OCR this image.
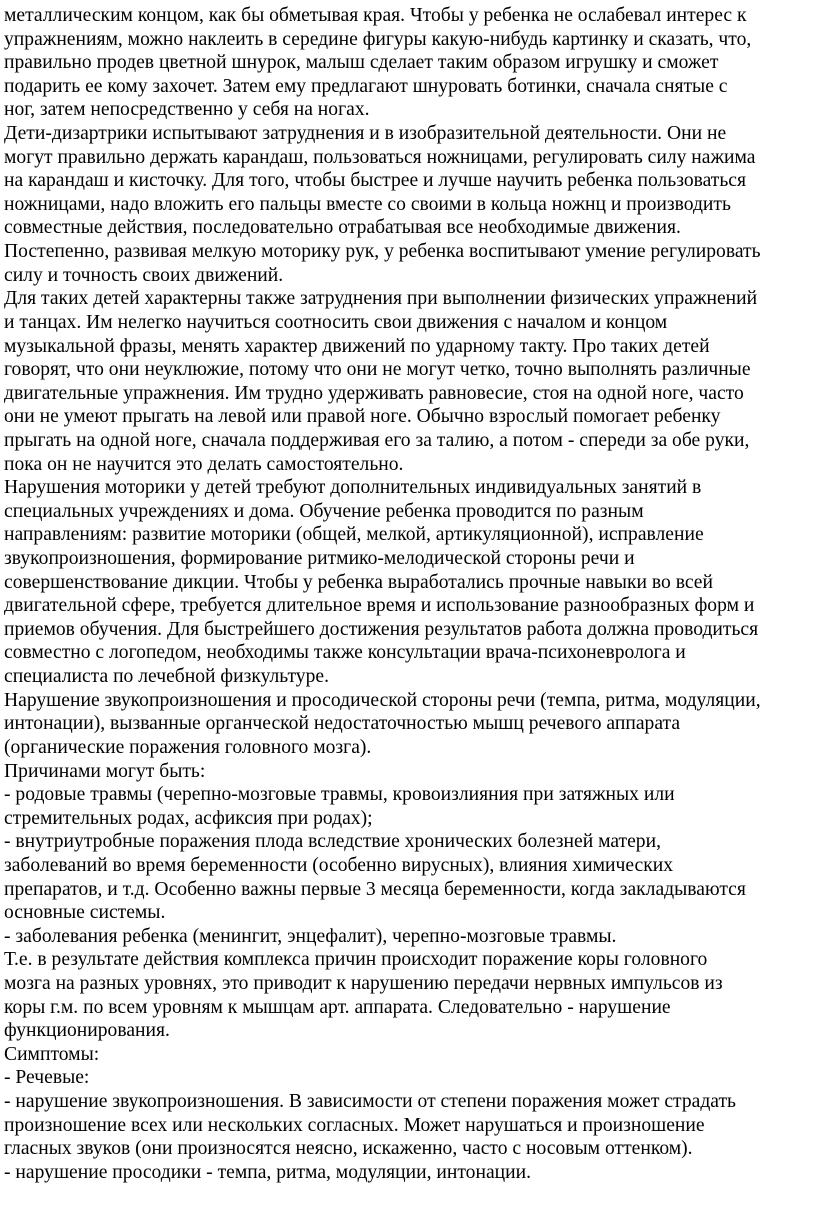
металлическим концом, как бы обметывая края. Чтобы у ребенка не ослабевал интерес к
упражнениям, можно наклеить в середине фигуры какую-нибудь картинку и сказать, что,
правильно продев цветной шнурок, малыш сделает таким образом игрушку и сможет
подарить ее кому захочет. Затем ему предлагают шнуровать ботинки, сначала снятые с
ног, затем непосредственно у себя на ногах.
Дети-дизартрики испытывают затруднения и в изобразительной деятельности. Они не
могут правильно держать карандаш, пользоваться ножницами, регулировать силу нажима
на карандаш и кисточку. Для того, чтобы быстрее и лучше научить ребенка пользоваться
ножницами, надо вложить его пальцы вместе со своими в кольца ножнц и производить
совместные действия, последовательно отрабатывая все необходимые движения.
Постепенно, развивая мелкую моторику рук, у ребенка воспитывают умение регулировать
силу и точность своих движений.
Для таких детей характерны также затруднения при выполнении физических упражнений
и танцах. Им нелегко научиться соотносить свои движения с началом и концом
музыкальной фразы, менять характер движений по ударному такту. Про таких детей
говорят, что они неуклюжие, потому что они не могут четко, точно выполнять различные
двигательные упражнения. Им трудно удерживать равновесие, стоя на одной ноге, часто
они не умеют прыгать на левой или правой ноге. Обычно взрослый помогает ребенку
прыгать на одной ноге, сначала поддерживая его за талию, а потом - спереди за обе руки,
пока он не научится это делать самостоятельно.
Нарушения моторики у детей требуют дополнительных индивидуальных занятий в
специальных учреждениях и дома. Обучение ребенка проводится по разным
направлениям: развитие моторики (общей, мелкой, артикуляционной), исправление
звукопроизношения, формирование ритмико-мелодической стороны речи и
совершенствование дикции. Чтобы у ребенка выработались прочные навыки во всей
двигательной сфере, требуется длительное время и использование разнообразных форм и
приемов обучения. Для быстрейшего достижения результатов работа должна проводиться
совместно с логопедом, необходимы также консультации врача-психоневролога и
специалиста по лечебной физкультуре.
Нарушение звукопроизношения и просодической стороны речи (темпа, ритма, модуляции,
интонации), вызванные органческой недостаточностью мышц речевого аппарата
(органические поражения головного мозга).
Причинами могут быть:
- родовые травмы (черепно-мозговые травмы, кровоизлияния при затяжных или
стремительных родах, асфиксия при родах);
- внутриутробные поражения плода вследствие хронических болезней матери,
заболеваний во время беременности (особенно вирусных), влияния химических
препаратов, и т.д. Особенно важны первые 3 месяца беременности, когда закладываются
основные системы.
- заболевания ребенка (менингит, энцефалит), черепно-мозговые травмы.
Т.е. в результате действия комплекса причин происходит поражение коры головного
мозга на разных уровнях, это приводит к нарушению передачи нервных импульсов из
коры г.м. по всем уровням к мышцам арт. аппарата. Следовательно - нарушение
функционирования.
Симптомы:
- Речевые:
- нарушение звукопроизношения. В зависимости от степени поражения может страдать
произношение всех или нескольких согласных. Может нарушаться и произношение
гласных звуков (они произносятся неясно, искаженно, часто с носовым оттенком).
- нарушение просодики - темпа, ритма, модуляции, интонации.
